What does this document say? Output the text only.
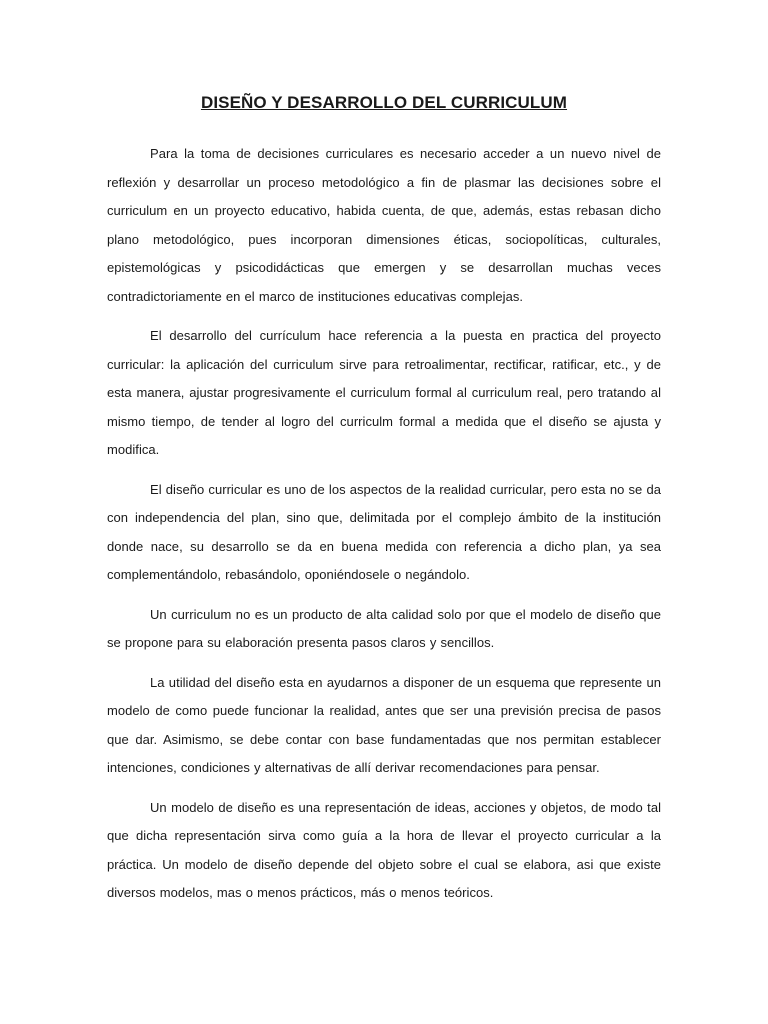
DISEÑO Y DESARROLLO DEL CURRICULUM

Para la toma de decisiones curriculares es necesario acceder a un nuevo nivel de reflexión y desarrollar un proceso metodológico a fin de plasmar las decisiones sobre el curriculum en un proyecto educativo, habida cuenta, de que, además, estas rebasan dicho plano metodológico, pues incorporan dimensiones éticas, sociopolíticas, culturales, epistemológicas y psicodidácticas que emergen y se desarrollan muchas veces contradictoriamente en el marco de instituciones educativas complejas.

El desarrollo del currículum hace referencia a la puesta en practica del proyecto curricular: la aplicación del curriculum sirve para retroalimentar, rectificar, ratificar, etc., y de esta manera, ajustar progresivamente el curriculum formal al curriculum real, pero tratando al mismo tiempo, de tender al logro del curriculm formal a medida que el diseño se ajusta y modifica.

El diseño curricular es uno de los aspectos de la realidad curricular, pero esta no se da con independencia del plan, sino que, delimitada por el complejo ámbito de la institución donde nace, su desarrollo se da en buena medida con referencia a dicho plan, ya sea complementándolo, rebasándolo, oponiéndosele o negándolo.

Un curriculum no es un producto de alta calidad solo por que el modelo de diseño que se propone para su elaboración presenta pasos claros y sencillos.

La utilidad del diseño esta en ayudarnos a disponer de un esquema que represente un modelo de como puede funcionar la realidad, antes que ser una previsión precisa de pasos que dar. Asimismo, se debe contar con base fundamentadas que nos permitan establecer intenciones, condiciones y alternativas de allí derivar recomendaciones para pensar.

Un modelo de diseño es una representación de ideas, acciones y objetos, de modo tal que dicha representación sirva como guía a la hora de llevar el proyecto curricular a la práctica. Un modelo de diseño depende del objeto sobre el cual se elabora, asi que existe diversos modelos, mas o menos prácticos, más o menos teóricos.
